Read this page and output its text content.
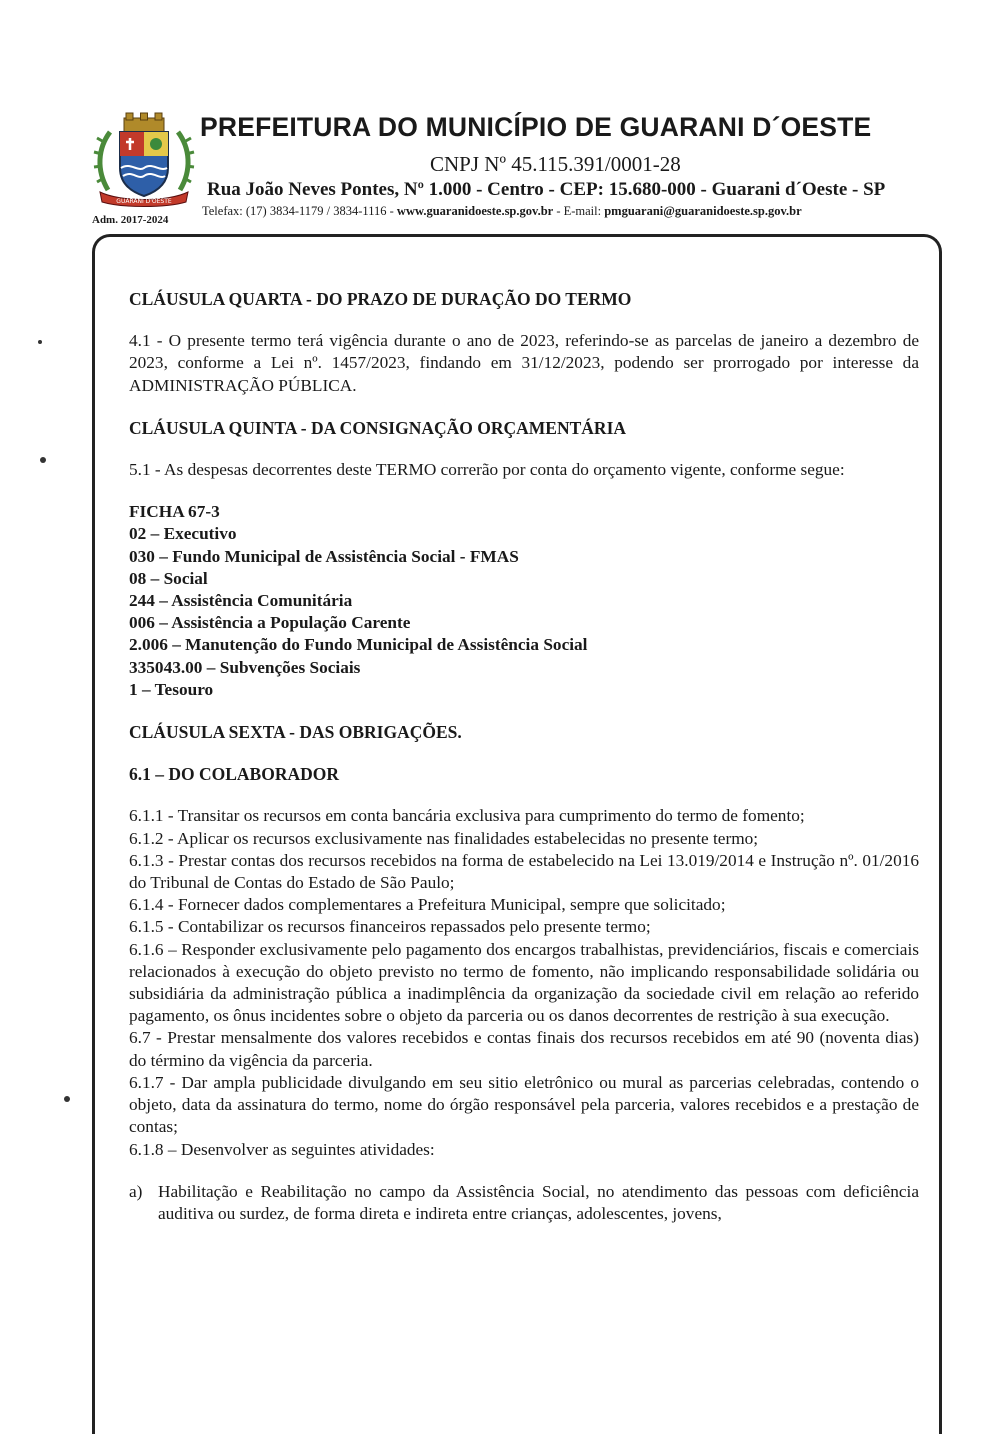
GUARANI D'OESTE
Adm. 2017-2024
PREFEITURA DO MUNICÍPIO DE GUARANI D´OESTE
CNPJ Nº 45.115.391/0001-28
Rua João Neves Pontes, Nº 1.000 - Centro - CEP: 15.680-000 - Guarani d´Oeste - SP
Telefax: (17) 3834-1179 / 3834-1116 - www.guaranidoeste.sp.gov.br - E-mail: pmguarani@guaranidoeste.sp.gov.br

CLÁUSULA QUARTA - DO PRAZO DE DURAÇÃO DO TERMO

4.1 - O presente termo terá vigência durante o ano de 2023, referindo-se as parcelas de janeiro a dezembro de 2023, conforme a Lei nº. 1457/2023, findando em 31/12/2023, podendo ser prorrogado por interesse da ADMINISTRAÇÃO PÚBLICA.

CLÁUSULA QUINTA - DA CONSIGNAÇÃO ORÇAMENTÁRIA

5.1 - As despesas decorrentes deste TERMO correrão por conta do orçamento vigente, conforme segue:

FICHA 67-3

02 – Executivo

030 – Fundo Municipal de Assistência Social - FMAS

08 – Social

244 – Assistência Comunitária

006 – Assistência a População Carente

2.006 – Manutenção do Fundo Municipal de Assistência Social

335043.00 – Subvenções Sociais

1 – Tesouro

CLÁUSULA SEXTA - DAS OBRIGAÇÕES.

6.1 – DO COLABORADOR

6.1.1 - Transitar os recursos em conta bancária exclusiva para cumprimento do termo de fomento;

6.1.2 - Aplicar os recursos exclusivamente nas finalidades estabelecidas no presente termo;

6.1.3 - Prestar contas dos recursos recebidos na forma de estabelecido na Lei 13.019/2014 e Instrução nº. 01/2016 do Tribunal de Contas do Estado de São Paulo;

6.1.4 - Fornecer dados complementares a Prefeitura Municipal, sempre que solicitado;

6.1.5 - Contabilizar os recursos financeiros repassados pelo presente termo;

6.1.6 – Responder exclusivamente pelo pagamento dos encargos trabalhistas, previdenciários, fiscais e comerciais relacionados à execução do objeto previsto no termo de fomento, não implicando responsabilidade solidária ou subsidiária da administração pública a inadimplência da organização da sociedade civil em relação ao referido pagamento, os ônus incidentes sobre o objeto da parceria ou os danos decorrentes de restrição à sua execução.

6.7 - Prestar mensalmente dos valores recebidos e contas finais dos recursos recebidos em até 90 (noventa dias) do término da vigência da parceria.

6.1.7 - Dar ampla publicidade divulgando em seu sitio eletrônico ou mural as parcerias celebradas, contendo o objeto, data da assinatura do termo, nome do órgão responsável pela parceria, valores recebidos e a prestação de contas;

6.1.8 – Desenvolver as seguintes atividades:

a) Habilitação e Reabilitação no campo da Assistência Social, no atendimento das pessoas com deficiência auditiva ou surdez, de forma direta e indireta entre crianças, adolescentes, jovens,
